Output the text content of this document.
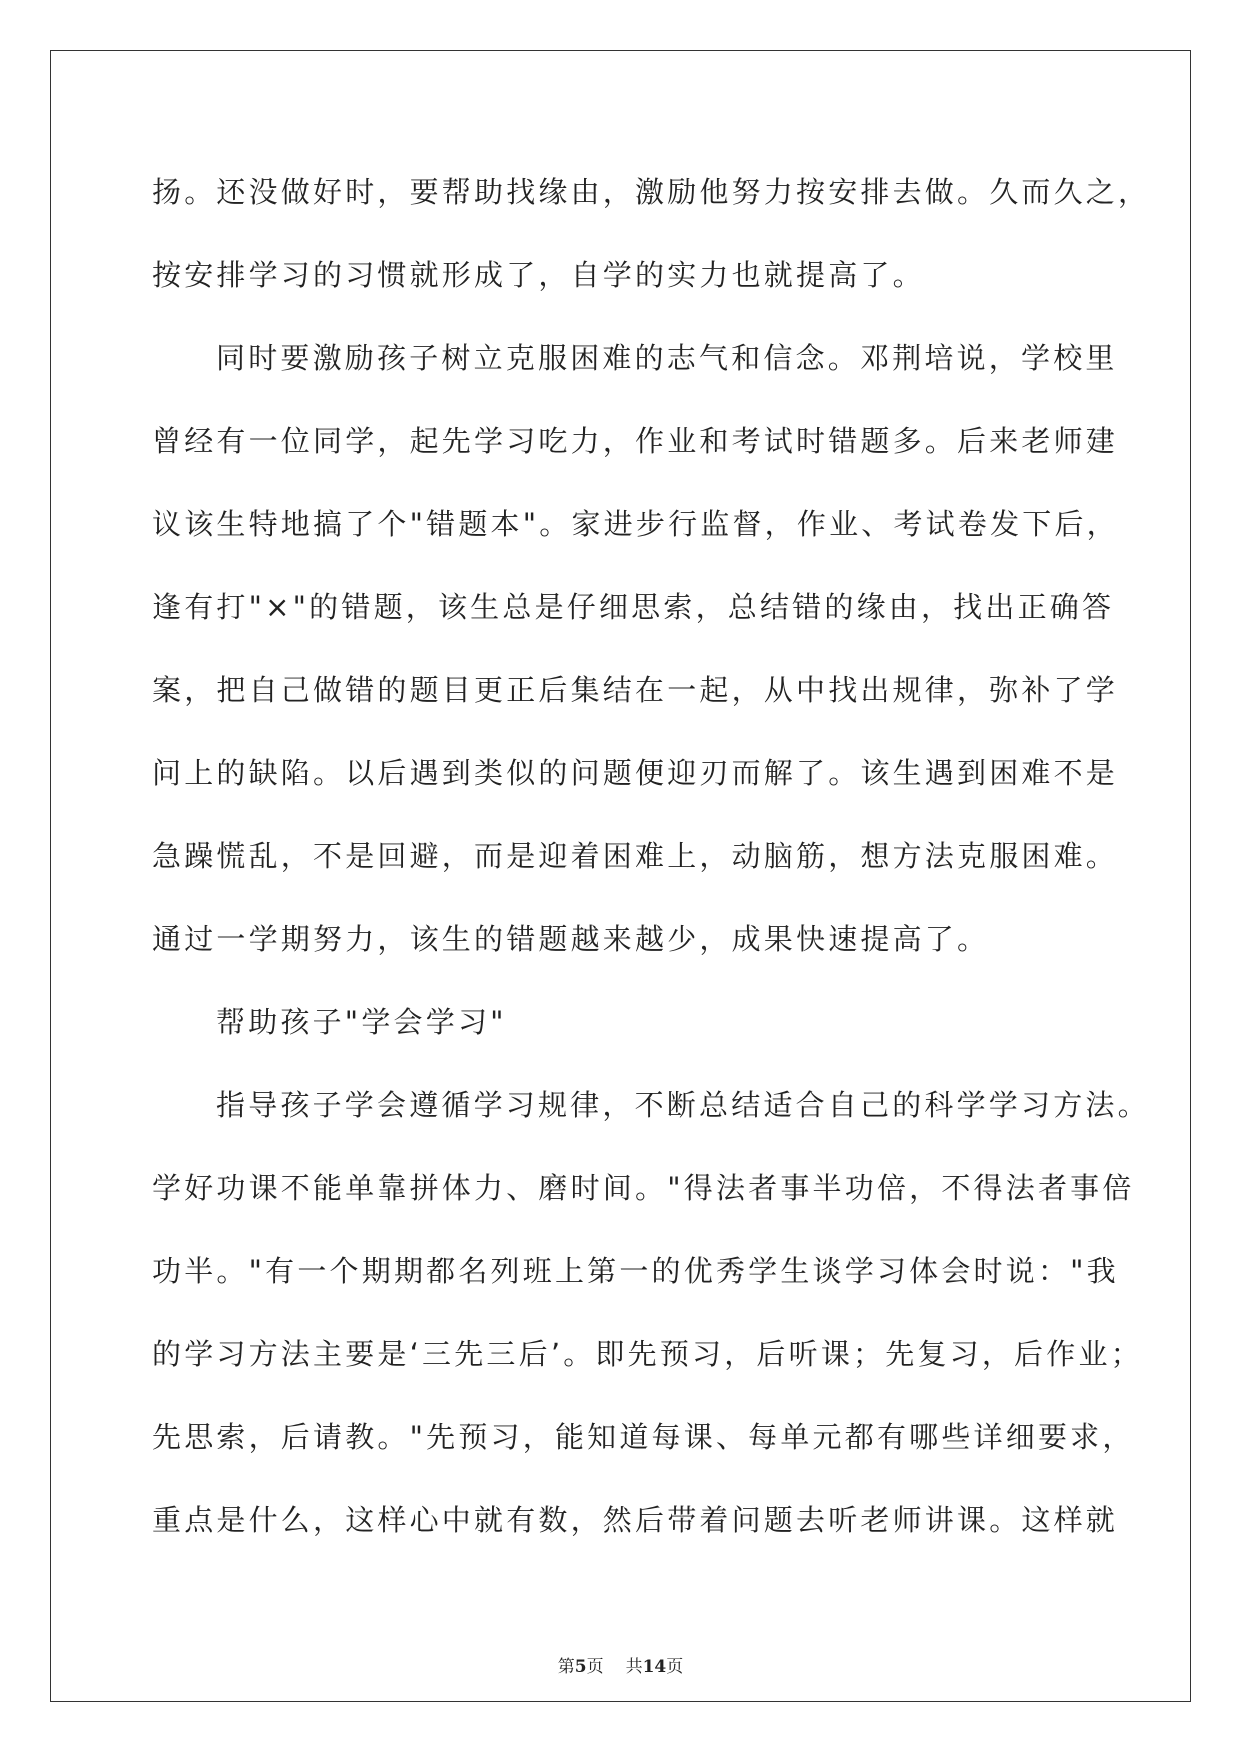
扬。还没做好时，要帮助找缘由，激励他努力按安排去做。久而久之，
按安排学习的习惯就形成了，自学的实力也就提高了。
同时要激励孩子树立克服困难的志气和信念。邓荆培说，学校里
曾经有一位同学，起先学习吃力，作业和考试时错题多。后来老师建
议该生特地搞了个"错题本"。家进步行监督，作业、考试卷发下后，
逢有打"×"的错题，该生总是仔细思索，总结错的缘由，找出正确答
案，把自己做错的题目更正后集结在一起，从中找出规律，弥补了学
问上的缺陷。以后遇到类似的问题便迎刃而解了。该生遇到困难不是
急躁慌乱，不是回避，而是迎着困难上，动脑筋，想方法克服困难。
通过一学期努力，该生的错题越来越少，成果快速提高了。
帮助孩子"学会学习"
指导孩子学会遵循学习规律，不断总结适合自己的科学学习方法。
学好功课不能单靠拼体力、磨时间。"得法者事半功倍，不得法者事倍
功半。"有一个期期都名列班上第一的优秀学生谈学习体会时说："我
的学习方法主要是‘三先三后’。即先预习，后听课；先复习，后作业；
先思索，后请教。"先预习，能知道每课、每单元都有哪些详细要求，
重点是什么，这样心中就有数，然后带着问题去听老师讲课。这样就
第5页 共14页
